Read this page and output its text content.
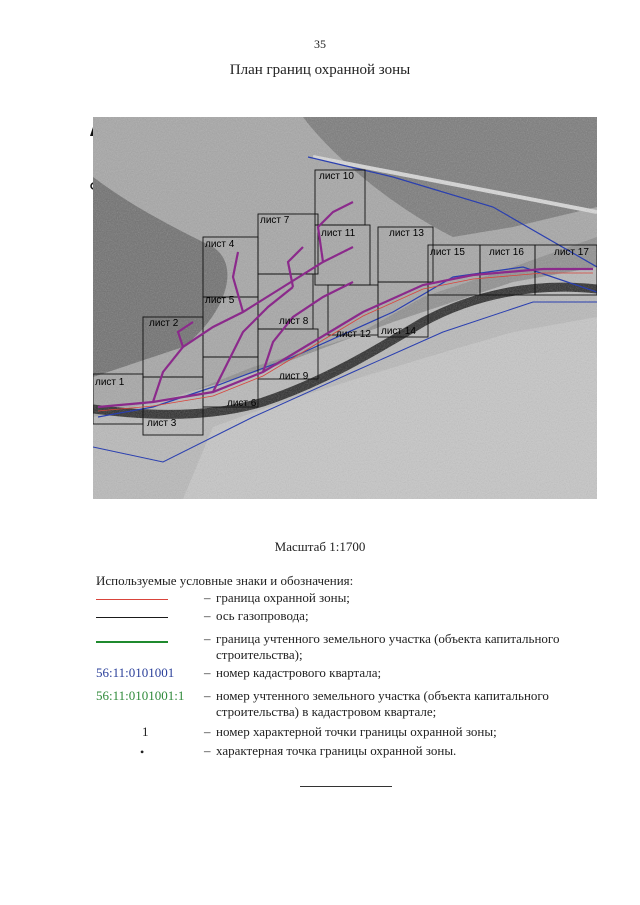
35
План границ охранной зоны
лист 1
лист 2
лист 3
лист 4
лист 5
лист 6
лист 7
лист 8
лист 9
лист 10
лист 11
лист 12
лист 13
лист 14
лист 15 лист 16	лист 17
Масштаб 1:1700
Используемые условные знаки и обозначения:
– граница охранной зоны;
– ось газопровода;
– граница учтенного земельного участка (объекта капитального строительства);
56:11:0101001 – номер кадастрового квартала;
56:11:0101001:1 – номер учтенного земельного участка (объекта капитального строительства) в кадастровом квартале;
1	– номер характерной точки границы охранной зоны;
•	– характерная точка границы охранной зоны.
